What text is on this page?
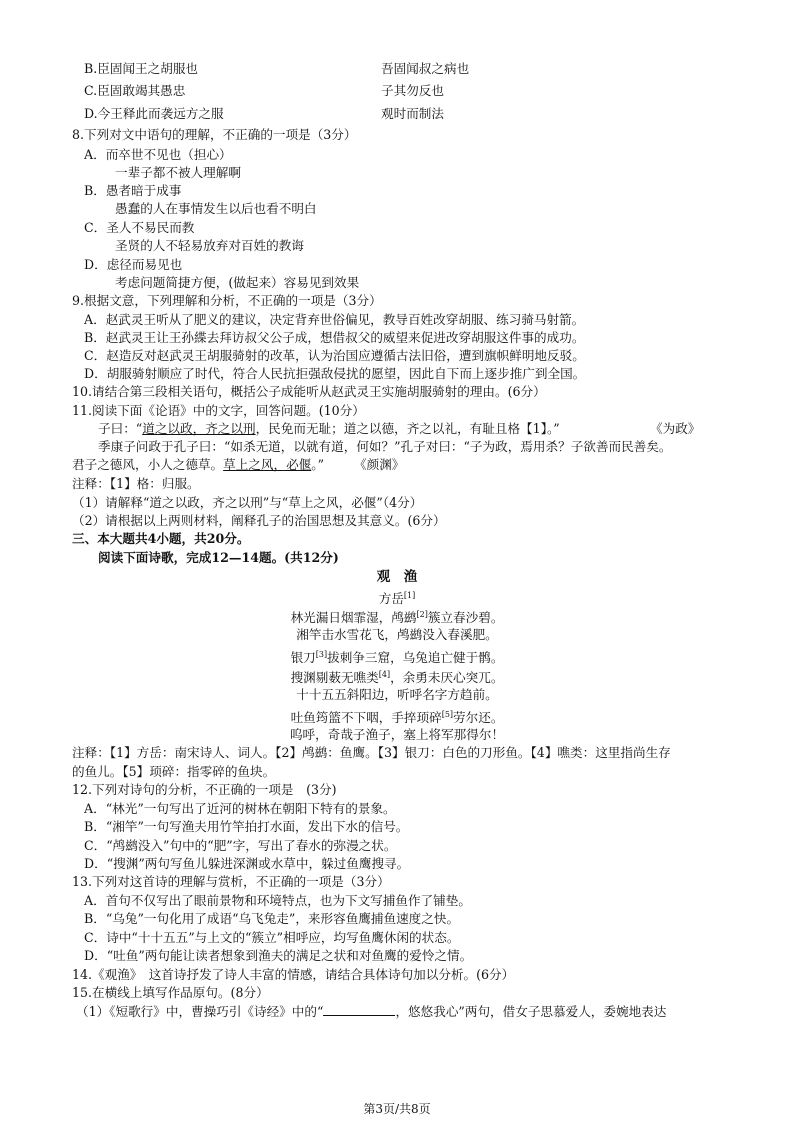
B.臣固闻王之胡服也	吾固闻叔之病也
C.臣固敢竭其愚忠	子其勿反也
D.今王释此而袭远方之服	观时而制法
8.下列对文中语句的理解，不正确的一项是（3分）
A．而卒世不见也（担心）
一辈子都不被人理解啊
B．愚者暗于成事
愚蠢的人在事情发生以后也看不明白
C．圣人不易民而教
圣贤的人不轻易放弃对百姓的教诲
D．虑径而易见也
考虑问题简捷方便，(做起来）容易见到效果
9.根据文意，下列理解和分析，不正确的一项是（3分）
A．赵武灵王听从了肥义的建议，决定背弃世俗偏见，教导百姓改穿胡服、练习骑马射箭。
B．赵武灵王让王孙緤去拜访叔父公子成，想借叔父的威望来促进改穿胡服这件事的成功。
C．赵造反对赵武灵王胡服骑射的改革，认为治国应遵循古法旧俗，遭到旗帜鲜明地反驳。
D．胡服骑射顺应了时代，符合人民抗拒强敌侵扰的愿望，因此自下而上逐步推广到全国。
10.请结合第三段相关语句，概括公子成能听从赵武灵王实施胡服骑射的理由。(6分）
11.阅读下面《论语》中的文字，回答问题。(10分）
子曰：“道之以政，齐之以刑，民免而无耻；道之以德，齐之以礼，有耻且格【1】。”	《为政》
季康子问政于孔子曰：“如杀无道，以就有道，何如？”孔子对曰：“子为政，焉用杀？子欲善而民善矣。
君子之德风，小人之德草。草上之风，必偃。” 《颜渊》
注释：【1】格：归服。
（1）请解释“道之以政，齐之以刑”与“草上之风，必偃”（4分）
（2）请根据以上两则材料，阐释孔子的治国思想及其意义。(6分）
三、本大题共4小题，共20分。
阅读下面诗歌，完成12—14题。(共12分)
观　渔
方岳[1]
林光漏日烟霏湿，鸬鹚[2]簇立春沙碧。
湘竿击水雪花飞，鸬鹚没入春溪肥。
银刀[3]拔刺争三窟，乌兔追亡健于鹘。
搜渊剔薮无噍类[4]，余勇未厌心突兀。
十十五五斜阳边，听呼名字方趋前。
吐鱼筠篮不下咽，手捽顼碎[5]劳尔还。
呜呼，奇哉子渔子，塞上将军那得尔！
注释：【1】方岳：南宋诗人、词人。【2】鸬鹚：鱼鹰。【3】银刀：白色的刀形鱼。【4】噍类：这里指尚生存
的鱼儿。【5】顼碎：指零碎的鱼块。
12.下列对诗句的分析，不正确的一项是　(3分)
A．“林光”一句写出了近河的树林在朝阳下特有的景象。
B．“湘竿”一句写渔夫用竹竿拍打水面，发出下水的信号。
C．“鸬鹚没入”句中的“肥”字，写出了春水的弥漫之状。
D．“搜渊”两句写鱼儿躲进深渊或水草中，躲过鱼鹰搜寻。
13.下列对这首诗的理解与赏析，不正确的一项是（3分）
A．首句不仅写出了眼前景物和环境特点，也为下文写捕鱼作了铺垫。
B．“乌兔”一句化用了成语“乌飞兔走”，来形容鱼鹰捕鱼速度之快。
C．诗中“十十五五”与上文的“簇立”相呼应，均写鱼鹰休闲的状态。
D．“吐鱼”两句能让读者想象到渔夫的满足之状和对鱼鹰的爱怜之情。
14.《观渔》　这首诗抒发了诗人丰富的情感，请结合具体诗句加以分析。(6分）
15.在横线上填写作品原句。(8分）
（1）《短歌行》中，曹操巧引《诗经》中的“	，悠悠我心”两句，借女子思慕爱人，委婉地表达
第3页/共8页
